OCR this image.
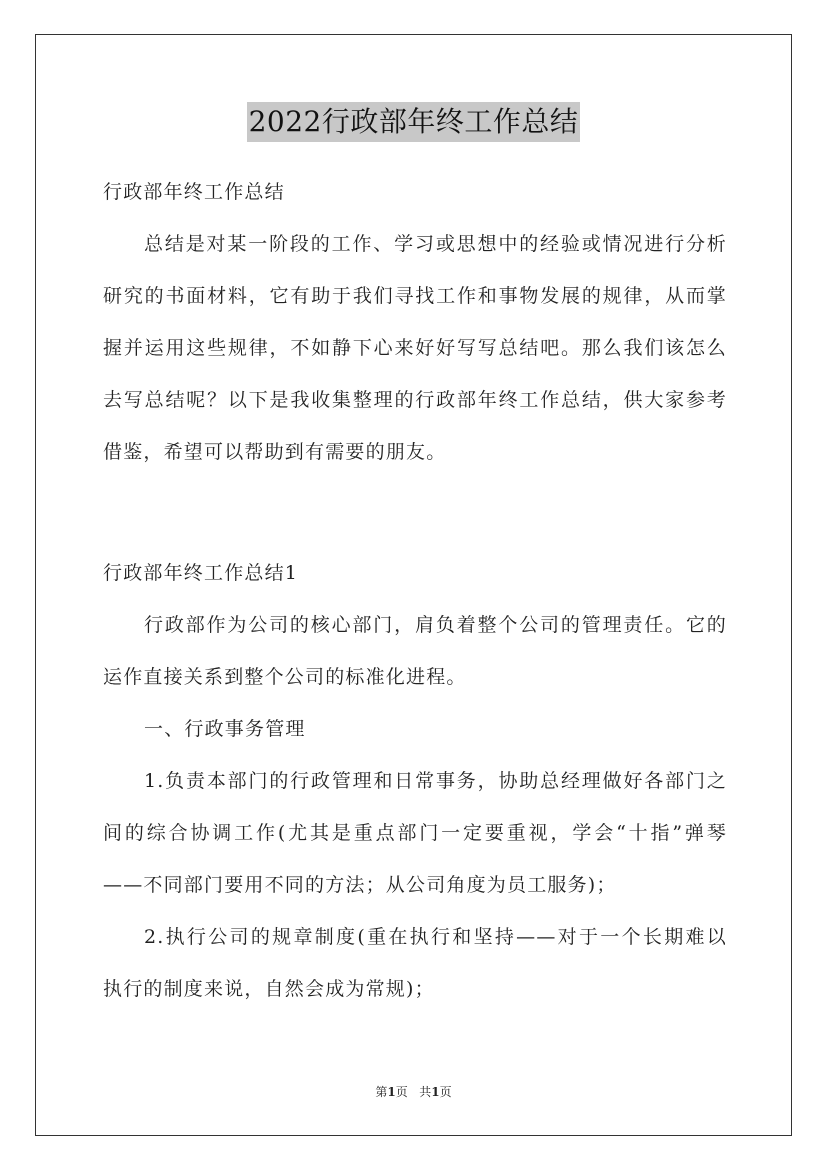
2022行政部年终工作总结
行政部年终工作总结
总结是对某一阶段的工作、学习或思想中的经验或情况进行分析
研究的书面材料，它有助于我们寻找工作和事物发展的规律，从而掌
握并运用这些规律，不如静下心来好好写写总结吧。那么我们该怎么
去写总结呢？以下是我收集整理的行政部年终工作总结，供大家参考
借鉴，希望可以帮助到有需要的朋友。
行政部年终工作总结1
行政部作为公司的核心部门，肩负着整个公司的管理责任。它的
运作直接关系到整个公司的标准化进程。
一、行政事务管理
1.负责本部门的行政管理和日常事务，协助总经理做好各部门之
间的综合协调工作(尤其是重点部门一定要重视，学会“十指”弹琴
——不同部门要用不同的方法；从公司角度为员工服务)；
2.执行公司的规章制度(重在执行和坚持——对于一个长期难以
执行的制度来说，自然会成为常规)；
第1页 共1页
